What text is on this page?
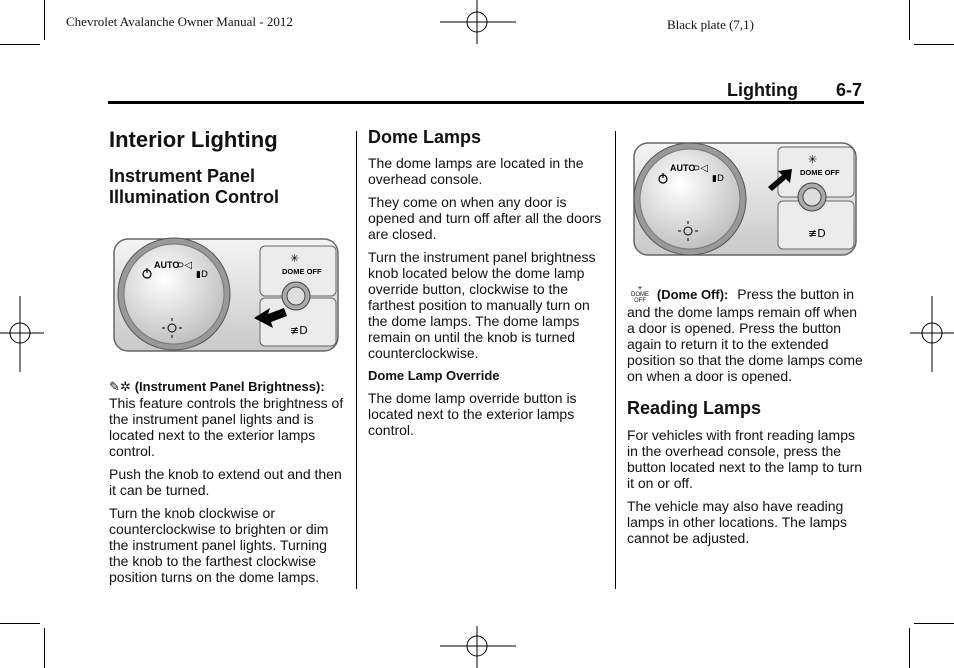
Chevrolet Avalanche Owner Manual - 2012	Black plate (7,1)
Lighting 6-7
Interior Lighting
Instrument Panel Illumination Control
AUTO
⊃◁
▮D
✳
DOME OFF
≢D

✎✲ (Instrument Panel Brightness): This feature controls the brightness of the instrument panel lights and is located next to the exterior lamps control.

Push the knob to extend out and then it can be turned.

Turn the knob clockwise or counterclockwise to brighten or dim the instrument panel lights. Turning the knob to the farthest clockwise position turns on the dome lamps.

Dome Lamps

The dome lamps are located in the overhead console.

They come on when any door is opened and turn off after all the doors are closed.

Turn the instrument panel brightness knob located below the dome lamp override button, clockwise to the farthest position to manually turn on the dome lamps. The dome lamps remain on until the knob is turned counterclockwise.

Dome Lamp Override

The dome lamp override button is located next to the exterior lamps control.

AUTO
⊃◁
▮D
✳
DOME OFF
≢D

✳
DOME OFF (Dome Off): Press the button in and the dome lamps remain off when a door is opened. Press the button again to return it to the extended position so that the dome lamps come on when a door is opened.

Reading Lamps

For vehicles with front reading lamps in the overhead console, press the button located next to the lamp to turn it on or off.

The vehicle may also have reading lamps in other locations. The lamps cannot be adjusted.
